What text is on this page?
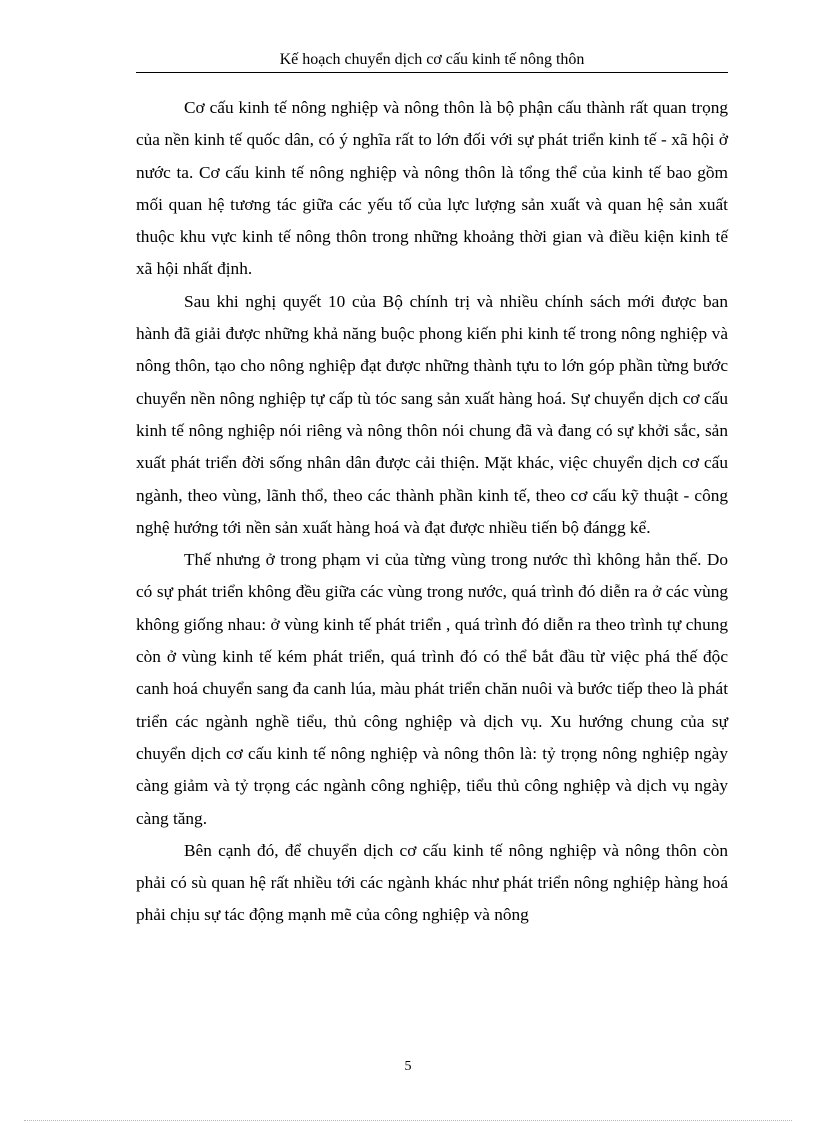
Kế hoạch chuyển dịch cơ cấu kinh tế nông thôn

Cơ cấu kinh tế nông nghiệp và nông thôn là bộ phận cấu thành rất quan trọng của nền kinh tế quốc dân, có ý nghĩa rất to lớn đối với sự phát triển kinh tế - xã hội ở nước ta. Cơ cấu kinh tế nông nghiệp và nông thôn là tổng thể của kinh tế bao gồm mối quan hệ tương tác giữa các yếu tố của lực lượng sản xuất và quan hệ sản xuất thuộc khu vực kinh tế nông thôn trong những khoảng thời gian và điều kiện kinh tế xã hội nhất định.

Sau khi nghị quyết 10 của Bộ chính trị và nhiều chính sách mới được ban hành đã giải được những khả năng buộc phong kiến phi kinh tế trong nông nghiệp và nông thôn, tạo cho nông nghiệp đạt được những thành tựu to lớn góp phần từng bước chuyển nền nông nghiệp tự cấp tù tóc sang sản xuất hàng hoá. Sự chuyển dịch cơ cấu kinh tế nông nghiệp nói riêng và nông thôn nói chung đã và đang có sự khởi sắc, sản xuất phát triển đời sống nhân dân được cải thiện. Mặt khác, việc chuyển dịch cơ cấu ngành, theo vùng, lãnh thổ, theo các thành phần kinh tế, theo cơ cấu kỹ thuật - công nghệ hướng tới nền sản xuất hàng hoá và đạt được nhiều tiến bộ đángg kể.

Thế nhưng ở trong phạm vi của từng vùng trong nước thì không hẳn thế. Do có sự phát triển không đều giữa các vùng trong nước, quá trình đó diễn ra ở các vùng không giống nhau: ở vùng kinh tế phát triển , quá trình đó diễn ra theo trình tự chung còn ở vùng kinh tế kém phát triển, quá trình đó có thể bắt đầu từ việc phá thế độc canh hoá chuyển sang đa canh lúa, màu phát triển chăn nuôi và bước tiếp theo là phát triển các ngành nghề tiểu, thủ công nghiệp và dịch vụ. Xu hướng chung của sự chuyển dịch cơ cấu kinh tế nông nghiệp và nông thôn là: tỷ trọng nông nghiệp ngày càng giảm và tỷ trọng các ngành công nghiệp, tiểu thủ công nghiệp và dịch vụ ngày càng tăng.

Bên cạnh đó, để chuyển dịch cơ cấu kinh tế nông nghiệp và nông thôn còn phải có sù quan hệ rất nhiều tới các ngành khác như phát triển nông nghiệp hàng hoá phải chịu sự tác động mạnh mẽ của công nghiệp và nông

5
